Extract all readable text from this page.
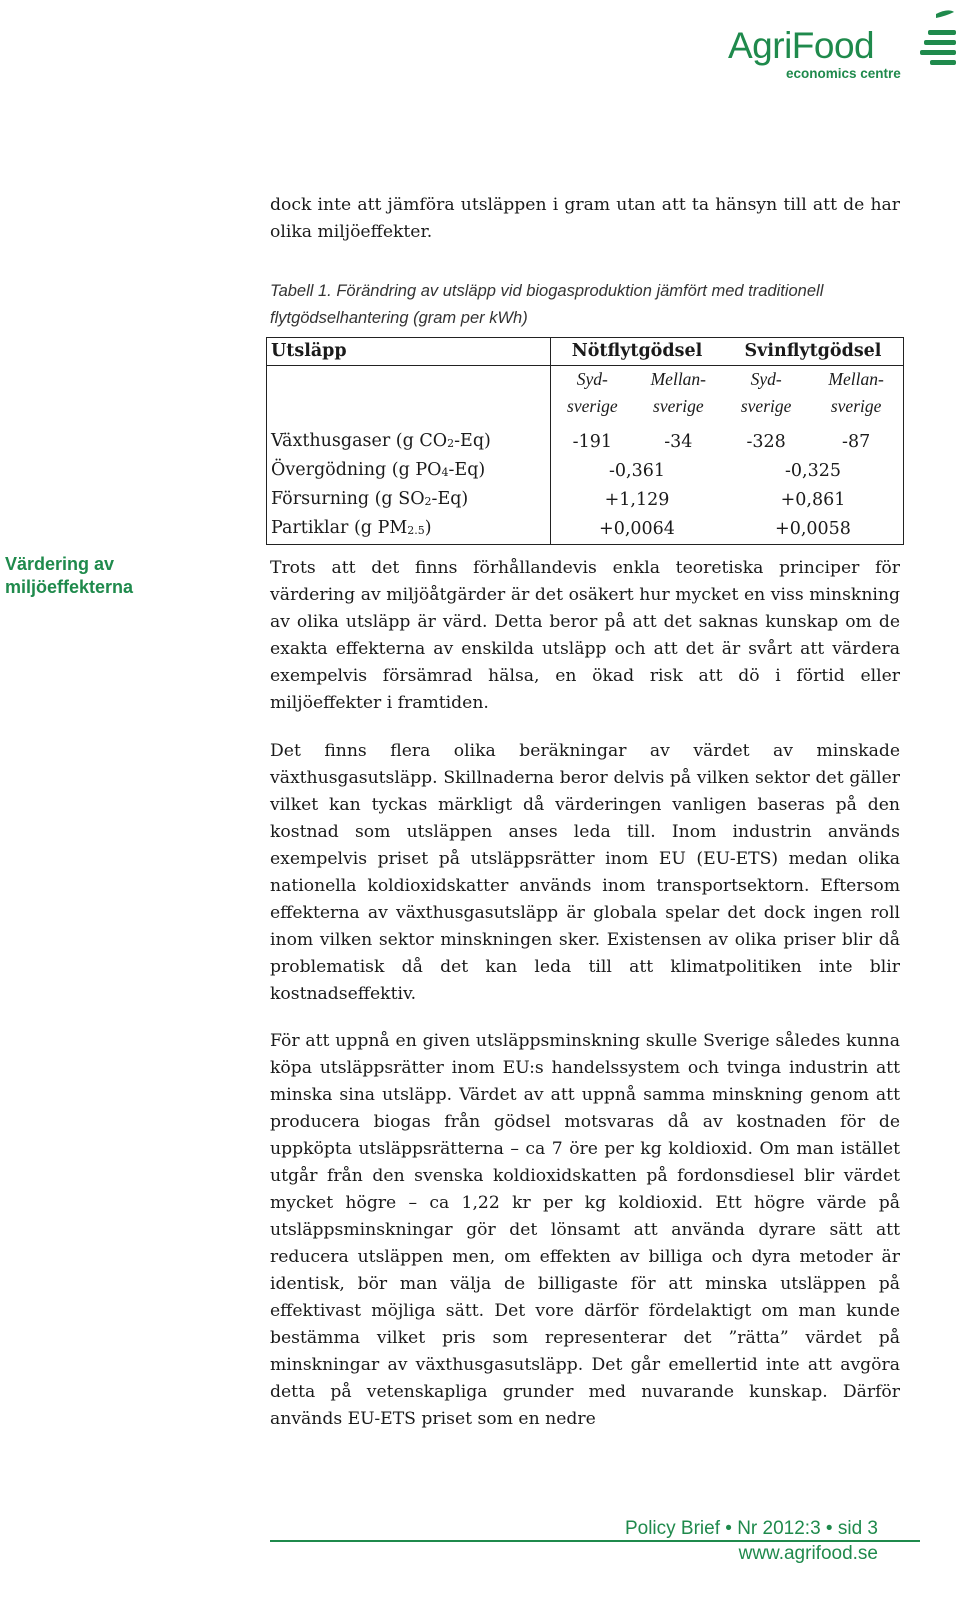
AgriFood
economics centre

dock inte att jämföra utsläppen i gram utan att ta hänsyn till att de har olika miljöeffekter.

Tabell 1. Förändring av utsläpp vid biogasproduktion jämfört med traditionell flytgödselhantering (gram per kWh)
Utsläpp	Nötflytgödsel		Svinflytgödsel	
	Syd-	Mellan-	Syd-	Mellan-
	sverige	sverige	sverige	sverige

Växthusgaser (g $CO_2-Eq$)	-191	-34	-328	-87
Övergödning (g $PO_4-Eq$)	-0,361		-0,325	
Försurning (g $SO_2-Eq$)	+1,129		+0,861	
Partiklar (g $PM_{2.5}$)	+0,0064		+0,0058	
Värdering av miljöeffekterna

Trots att det finns förhållandevis enkla teoretiska principer för värdering av miljöåtgärder är det osäkert hur mycket en viss minskning av olika utsläpp är värd. Detta beror på att det saknas kunskap om de exakta effekterna av enskilda utsläpp och att det är svårt att värdera exempelvis försämrad hälsa, en ökad risk att dö i förtid eller miljöeffekter i framtiden.

Det finns flera olika beräkningar av värdet av minskade växthusgasutsläpp. Skillnaderna beror delvis på vilken sektor det gäller vilket kan tyckas märkligt då värderingen vanligen baseras på den kostnad som utsläppen anses leda till. Inom industrin används exempelvis priset på utsläppsrätter inom EU (EU-ETS) medan olika nationella koldioxidskatter används inom transportsektorn. Eftersom effekterna av växthusgasutsläpp är globala spelar det dock ingen roll inom vilken sektor minskningen sker. Existensen av olika priser blir då problematisk då det kan leda till att klimatpolitiken inte blir kostnadseffektiv.

För att uppnå en given utsläppsminskning skulle Sverige således kunna köpa utsläppsrätter inom EU:s handelssystem och tvinga industrin att minska sina utsläpp. Värdet av att uppnå samma minskning genom att producera biogas från gödsel motsvaras då av kostnaden för de uppköpta utsläppsrätterna – ca 7 öre per kg koldioxid. Om man istället utgår från den svenska koldioxidskatten på fordonsdiesel blir värdet mycket högre – ca 1,22 kr per kg koldioxid. Ett högre värde på utsläppsminskningar gör det lönsamt att använda dyrare sätt att reducera utsläppen men, om effekten av billiga och dyra metoder är identisk, bör man välja de billigaste för att minska utsläppen på effektivast möjliga sätt. Det vore därför fördelaktigt om man kunde bestämma vilket pris som representerar det ”rätta” värdet på minskningar av växthusgasutsläpp. Det går emellertid inte att avgöra detta på vetenskapliga grunder med nuvarande kunskap. Därför används EU-ETS priset som en nedre

Policy Brief • Nr 2012:3 • sid 3
www.agrifood.se
